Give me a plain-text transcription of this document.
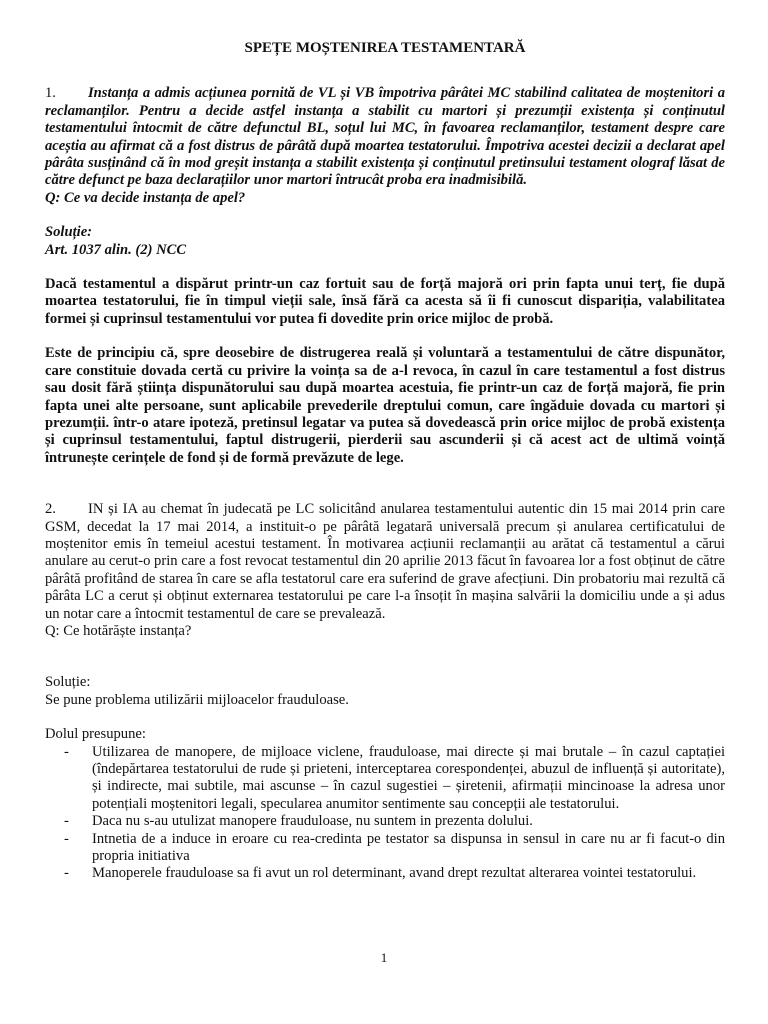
SPEȚE MOȘTENIREA TESTAMENTARĂ

1. Instanța a admis acțiunea pornită de VL și VB împotriva pârâtei MC stabilind calitatea de moștenitori a reclamanților. Pentru a decide astfel instanța a stabilit cu martori și prezumții existența și conținutul testamentului întocmit de către defunctul BL, soțul lui MC, în favoarea reclamanților, testament despre care aceștia au afirmat că a fost distrus de pârâtă după moartea testatorului. Împotriva acestei decizii a declarat apel pârâta susținând că în mod greșit instanța a stabilit existența și conținutul pretinsului testament olograf lăsat de către defunct pe baza declarațiilor unor martori întrucât proba era inadmisibilă.

Q: Ce va decide instanța de apel?

Soluție:

Art. 1037 alin. (2) NCC

Dacă testamentul a dispărut printr-un caz fortuit sau de forță majoră ori prin fapta unui terț, fie după moartea testatorului, fie în timpul vieții sale, însă fără ca acesta să îi fi cunoscut dispariția, valabilitatea formei și cuprinsul testamentului vor putea fi dovedite prin orice mijloc de probă.

Este de principiu că, spre deosebire de distrugerea reală și voluntară a testamentului de către dispunător, care constituie dovada certă cu privire la voința sa de a-l revoca, în cazul în care testamentul a fost distrus sau dosit fără știința dispunătorului sau după moartea acestuia, fie printr-un caz de forță majoră, fie prin fapta unei alte persoane, sunt aplicabile prevederile dreptului comun, care îngăduie dovada cu martori și prezumții. într-o atare ipoteză, pretinsul legatar va putea să dovedească prin orice mijloc de probă existența și cuprinsul testamentului, faptul distrugerii, pierderii sau ascunderii și că acest act de ultimă voință întrunește cerințele de fond și de formă prevăzute de lege.

2. IN și IA au chemat în judecată pe LC solicitând anularea testamentului autentic din 15 mai 2014 prin care GSM, decedat la 17 mai 2014, a instituit-o pe pârâtă legatară universală precum și anularea certificatului de moștenitor emis în temeiul acestui testament. În motivarea acțiunii reclamanții au arătat că testamentul a cărui anulare au cerut-o prin care a fost revocat testamentul din 20 aprilie 2013 făcut în favoarea lor a fost obținut de către pârâtă profitând de starea în care se afla testatorul care era suferind de grave afecțiuni. Din probatoriu mai rezultă că pârâta LC a cerut și obținut externarea testatorului pe care l-a însoțit în mașina salvării la domiciliu unde a și adus un notar care a întocmit testamentul de care se prevalează.

Q: Ce hotărăște instanța?

Soluție:

Se pune problema utilizării mijloacelor frauduloase.

Dolul presupune:

- Utilizarea de manopere, de mijloace viclene, frauduloase, mai directe și mai brutale – în cazul captației (îndepărtarea testatorului de rude și prieteni, interceptarea corespondenței, abuzul de influență și autoritate), și indirecte, mai subtile, mai ascunse – în cazul sugestiei – șiretenii, afirmații mincinoase la adresa unor potențiali moștenitori legali, specularea anumitor sentimente sau concepții ale testatorului.
- Daca nu s-au utulizat manopere frauduloase, nu suntem in prezenta dolului.
- Intnetia de a induce in eroare cu rea-credinta pe testator sa dispunsa in sensul in care nu ar fi facut-o din propria initiativa
- Manoperele frauduloase sa fi avut un rol determinant, avand drept rezultat alterarea vointei testatorului.
1
